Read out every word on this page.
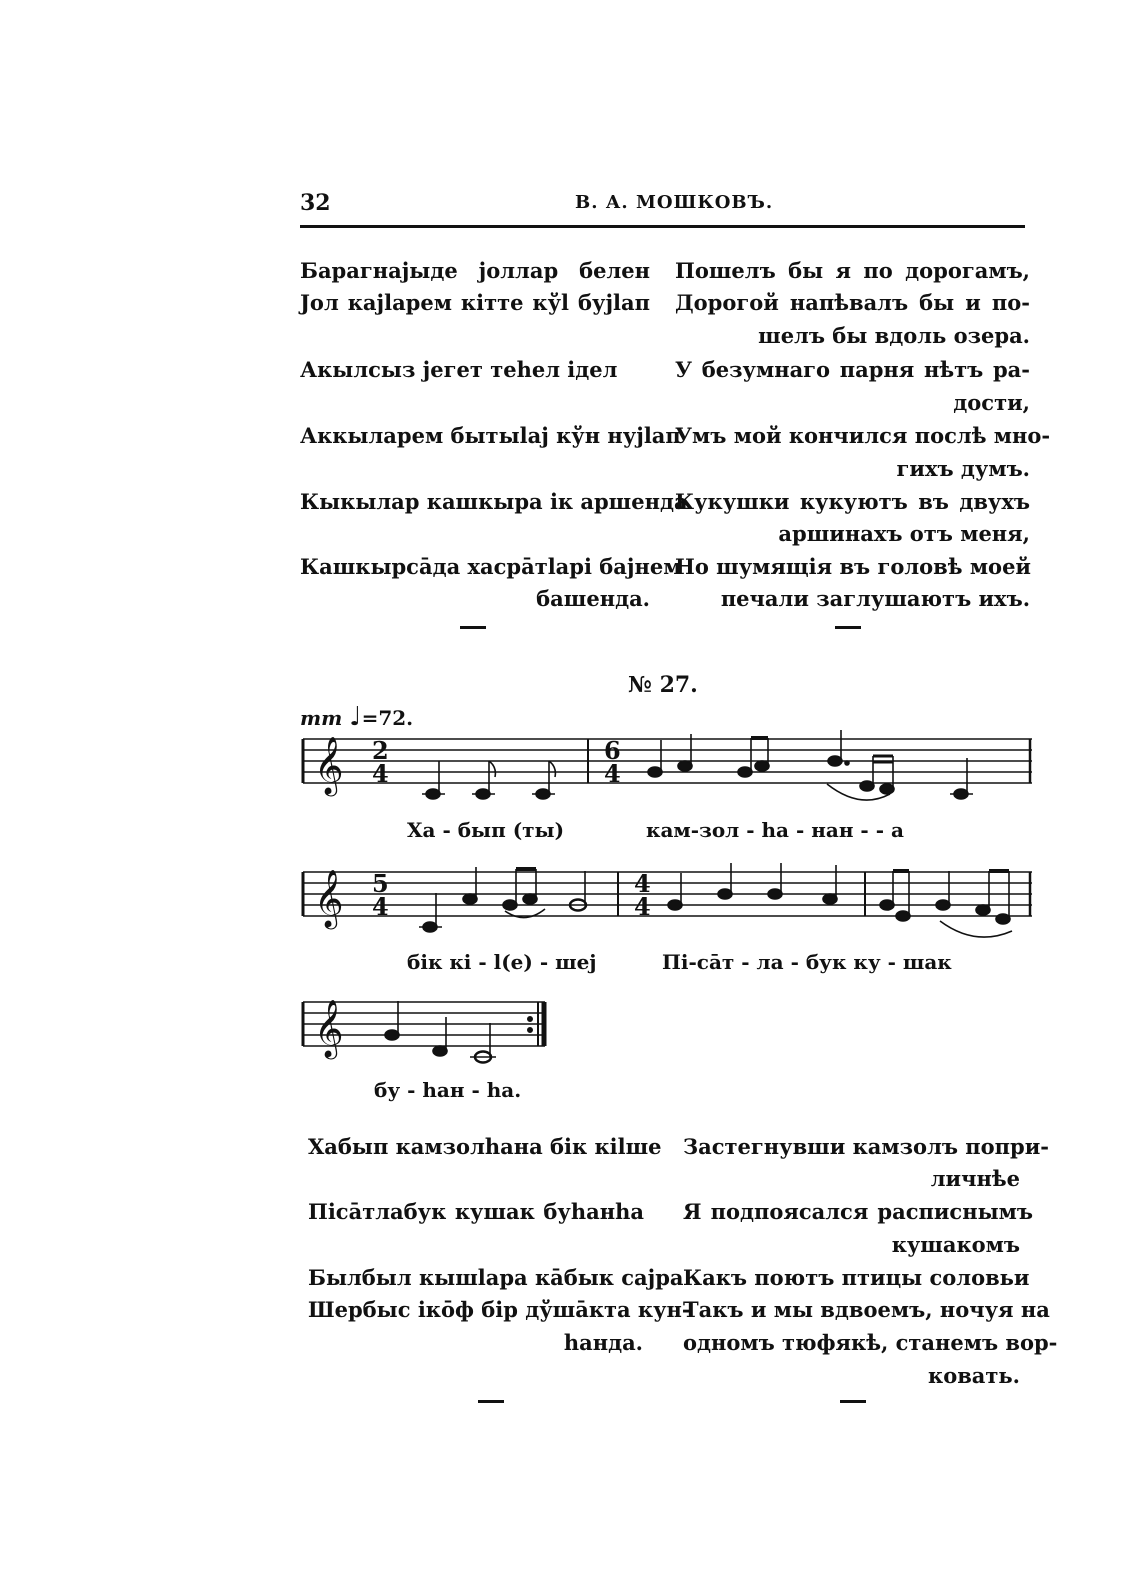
32	В. А. МОШКОВЪ.
Барагнаjыде jоллар белен
Jол каjlарем кітте кўl буjlап
Акылсыз jегет теhел ідел
Аккыларем бытыlаj кўн нуjlап
Кыкылар кашкыра ік аршенда
Кашкырсāда хасрāтlарі баjнем
башенда.
Пошелъ бы я по дорогамъ,
Дорогой напѣвалъ бы и по-
шелъ бы вдоль озера.
У безумнаго парня нѣтъ ра-
дости,
Умъ мой кончился послѣ мно-
гихъ думъ.
Кукушки кукуютъ въ двухъ
аршинахъ отъ меня,
Но шумящія въ головѣ моей
печали заглушаютъ ихъ.
№ 27.
mm ♩=72.
𝄞 2
4
6
4
Ха - бып (ты)	кам-зол - hа - нан - - а
𝄞 5
4
4
4
бік кі - l(е) - шеj	Пі-сāт - ла - бук ку - шак
𝄞
бу - hан - hа.
Хабып камзолhана бік кilше
Пісāтлабук кушак буhанhа
Былбыл кышlара кāбык саjра
Шербыс ікōф бір дўшāкта кун-
hанда.
Застегнувши камзолъ попри-
личнѣе
Я подпоясался расписнымъ
кушакомъ
Какъ поютъ птицы соловьи
Такъ и мы вдвоемъ, ночуя на
одномъ тюфякѣ, станемъ вор-
ковать.
